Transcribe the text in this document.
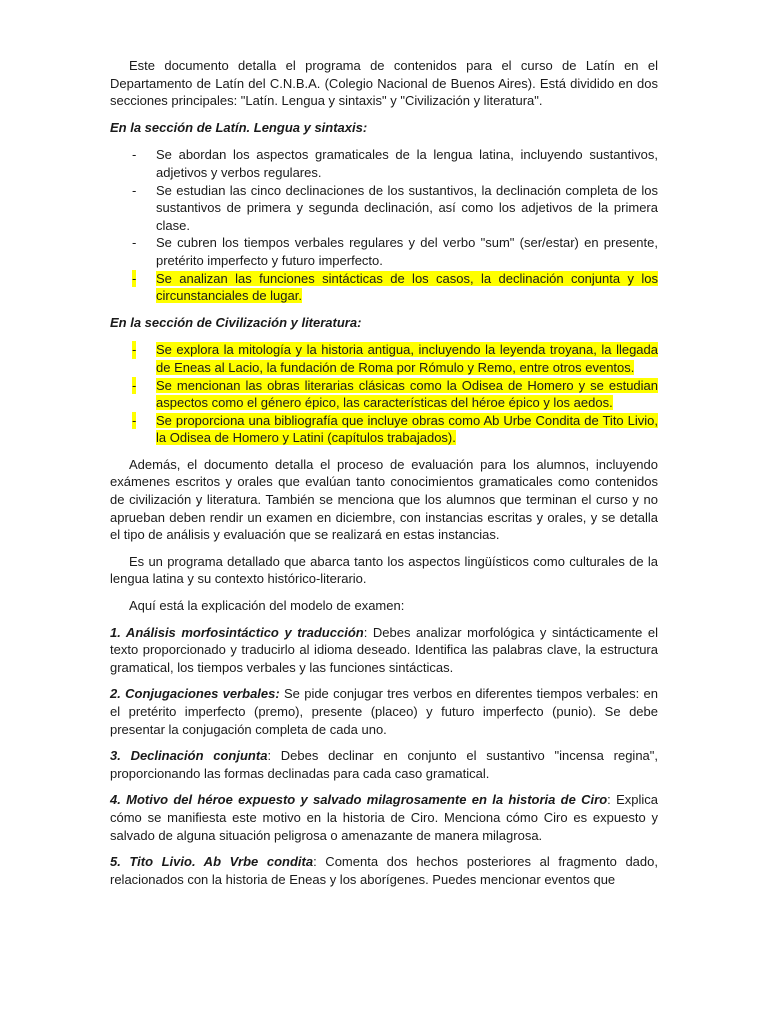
Este documento detalla el programa de contenidos para el curso de Latín en el Departamento de Latín del C.N.B.A. (Colegio Nacional de Buenos Aires). Está dividido en dos secciones principales: "Latín. Lengua y sintaxis" y "Civilización y literatura".

En la sección de Latín. Lengua y sintaxis:

- Se abordan los aspectos gramaticales de la lengua latina, incluyendo sustantivos, adjetivos y verbos regulares.
- Se estudian las cinco declinaciones de los sustantivos, la declinación completa de los sustantivos de primera y segunda declinación, así como los adjetivos de la primera clase.
- Se cubren los tiempos verbales regulares y del verbo "sum" (ser/estar) en presente, pretérito imperfecto y futuro imperfecto.
- Se analizan las funciones sintácticas de los casos, la declinación conjunta y los circunstanciales de lugar.

En la sección de Civilización y literatura:

- Se explora la mitología y la historia antigua, incluyendo la leyenda troyana, la llegada de Eneas al Lacio, la fundación de Roma por Rómulo y Remo, entre otros eventos.
- Se mencionan las obras literarias clásicas como la Odisea de Homero y se estudian aspectos como el género épico, las características del héroe épico y los aedos.
- Se proporciona una bibliografía que incluye obras como Ab Urbe Condita de Tito Livio, la Odisea de Homero y Latini (capítulos trabajados).

Además, el documento detalla el proceso de evaluación para los alumnos, incluyendo exámenes escritos y orales que evalúan tanto conocimientos gramaticales como contenidos de civilización y literatura. También se menciona que los alumnos que terminan el curso y no aprueban deben rendir un examen en diciembre, con instancias escritas y orales, y se detalla el tipo de análisis y evaluación que se realizará en estas instancias.

Es un programa detallado que abarca tanto los aspectos lingüísticos como culturales de la lengua latina y su contexto histórico-literario.

Aquí está la explicación del modelo de examen:

1. Análisis morfosintáctico y traducción: Debes analizar morfológica y sintácticamente el texto proporcionado y traducirlo al idioma deseado. Identifica las palabras clave, la estructura gramatical, los tiempos verbales y las funciones sintácticas.

2. Conjugaciones verbales: Se pide conjugar tres verbos en diferentes tiempos verbales: en el pretérito imperfecto (premo), presente (placeo) y futuro imperfecto (punio). Se debe presentar la conjugación completa de cada uno.

3. Declinación conjunta: Debes declinar en conjunto el sustantivo "incensa regina", proporcionando las formas declinadas para cada caso gramatical.

4. Motivo del héroe expuesto y salvado milagrosamente en la historia de Ciro: Explica cómo se manifiesta este motivo en la historia de Ciro. Menciona cómo Ciro es expuesto y salvado de alguna situación peligrosa o amenazante de manera milagrosa.

5. Tito Livio. Ab Vrbe condita: Comenta dos hechos posteriores al fragmento dado, relacionados con la historia de Eneas y los aborígenes. Puedes mencionar eventos que
